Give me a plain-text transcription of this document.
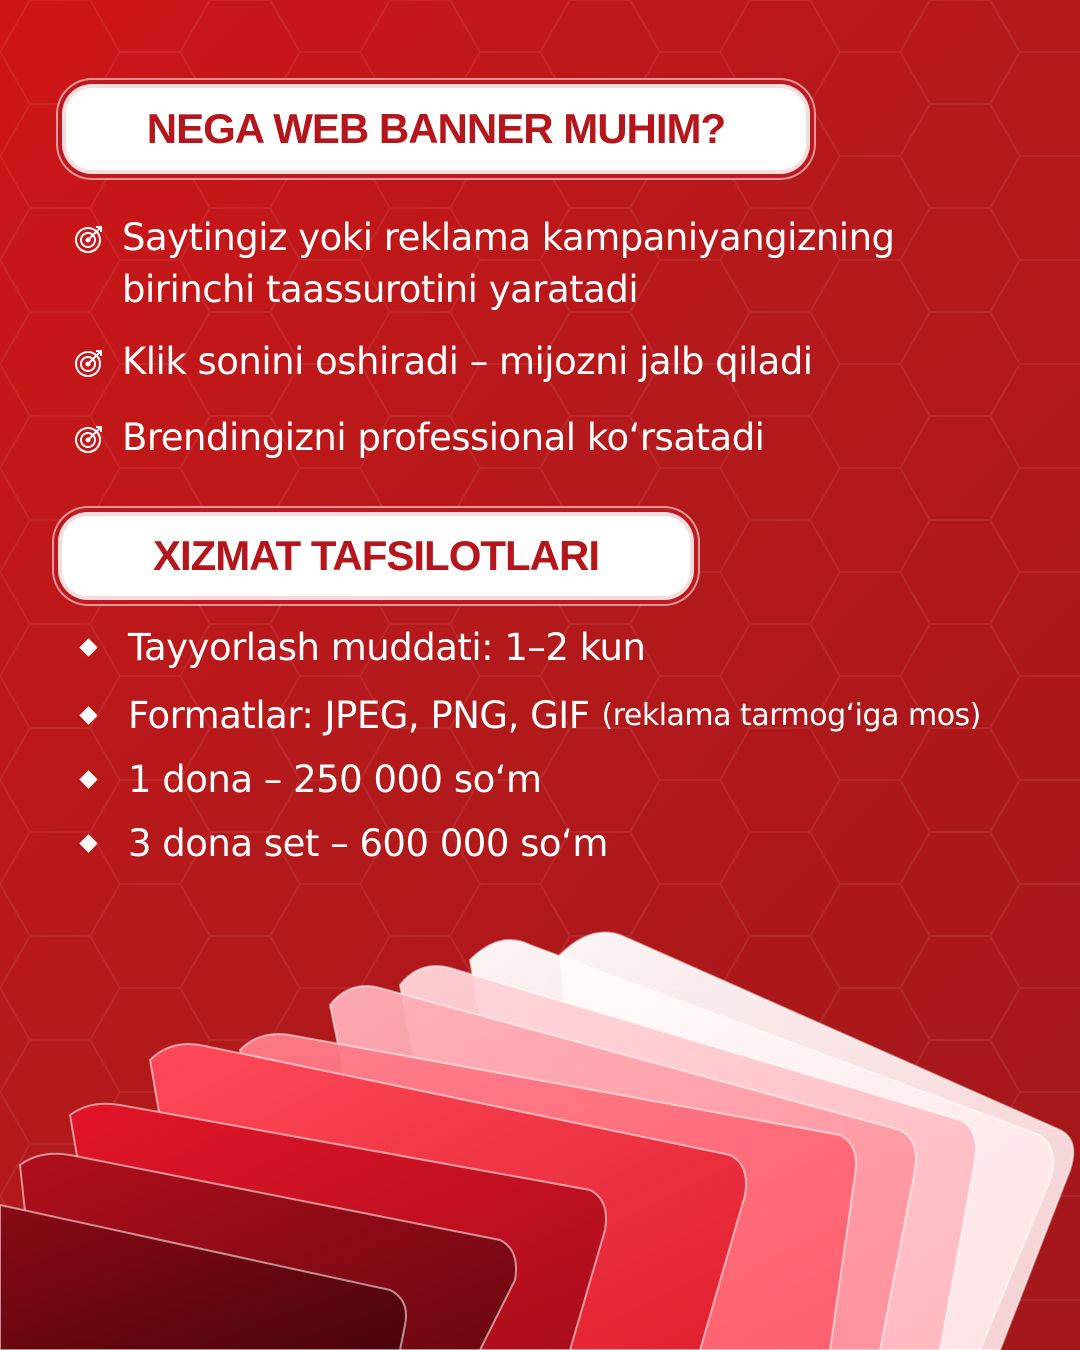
NEGA WEB BANNER MUHIM?
Saytingiz yoki reklama kampaniyangizning birinchi taassurotini yaratadi
Klik sonini oshiradi – mijozni jalb qiladi
Brendingizni professional koʻrsatadi
XIZMAT TAFSILOTLARI
Tayyorlash muddati: 1–2 kun
Formatlar: JPEG, PNG, GIF (reklama tarmogʻiga mos)
1 dona – 250 000 soʻm
3 dona set – 600 000 soʻm
